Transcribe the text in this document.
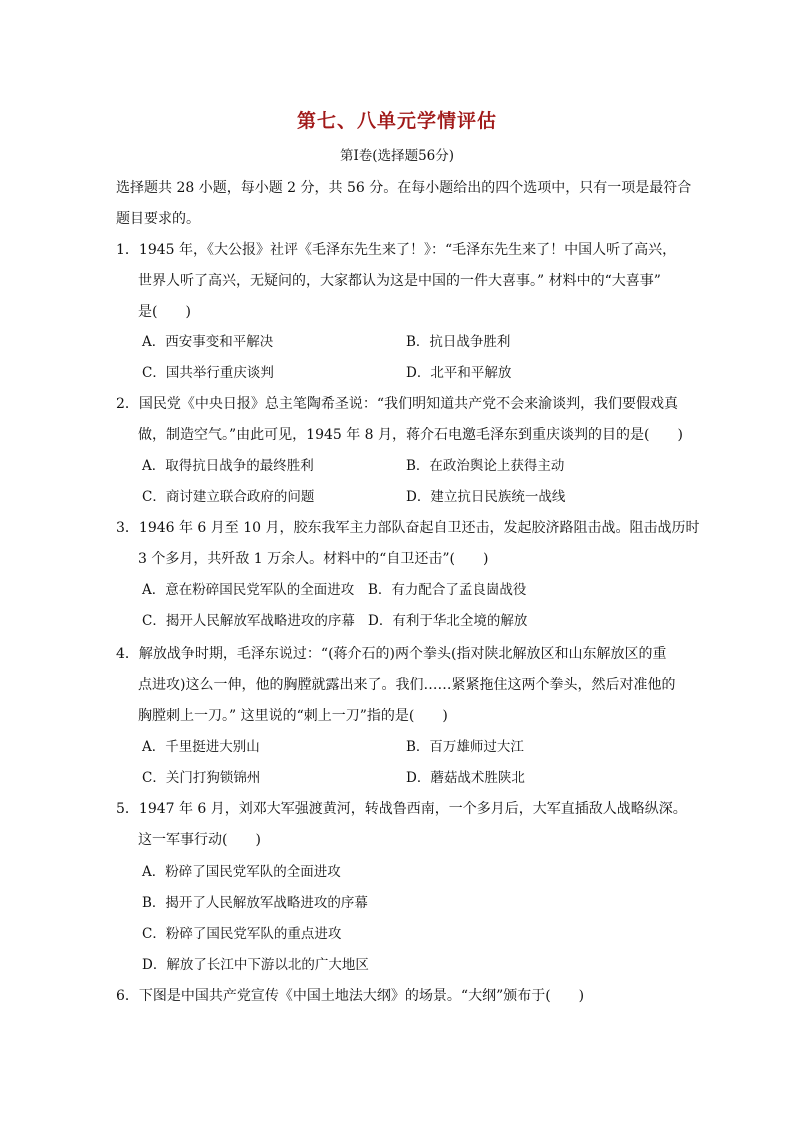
第七、八单元学情评估
第Ⅰ卷(选择题56分)
选择题共 28 小题，每小题 2 分，共 56 分。在每小题给出的四个选项中，只有一项是最符合
题目要求的。
1．1945 年，《大公报》社评《毛泽东先生来了！》：“毛泽东先生来了！中国人听了高兴，
世界人听了高兴，无疑问的，大家都认为这是中国的一件大喜事。” 材料中的“大喜事”
是(　　)
A．西安事变和平解决	B．抗日战争胜利
C．国共举行重庆谈判	D．北平和平解放
2．国民党《中央日报》总主笔陶希圣说：“我们明知道共产党不会来渝谈判，我们要假戏真
做，制造空气。”由此可见，1945 年 8 月，蒋介石电邀毛泽东到重庆谈判的目的是(　　)
A．取得抗日战争的最终胜利	B．在政治舆论上获得主动
C．商讨建立联合政府的问题	D．建立抗日民族统一战线
3．1946 年 6 月至 10 月，胶东我军主力部队奋起自卫还击，发起胶济路阻击战。阻击战历时
3 个多月，共歼敌 1 万余人。材料中的“自卫还击”(　　)
A．意在粉碎国民党军队的全面进攻 B．有力配合了孟良崮战役
C．揭开人民解放军战略进攻的序幕 D．有利于华北全境的解放
4．解放战争时期，毛泽东说过：“(蒋介石的)两个拳头(指对陕北解放区和山东解放区的重
点进攻)这么一伸，他的胸膛就露出来了。我们……紧紧拖住这两个拳头，然后对准他的
胸膛刺上一刀。” 这里说的“刺上一刀”指的是(　　)
A．千里挺进大别山	B．百万雄师过大江
C．关门打狗锁锦州	D．蘑菇战术胜陕北
5．1947 年 6 月，刘邓大军强渡黄河，转战鲁西南，一个多月后，大军直插敌人战略纵深。
这一军事行动(　　)
A．粉碎了国民党军队的全面进攻
B．揭开了人民解放军战略进攻的序幕
C．粉碎了国民党军队的重点进攻
D．解放了长江中下游以北的广大地区
6．下图是中国共产党宣传《中国土地法大纲》的场景。“大纲”颁布于(　　)
